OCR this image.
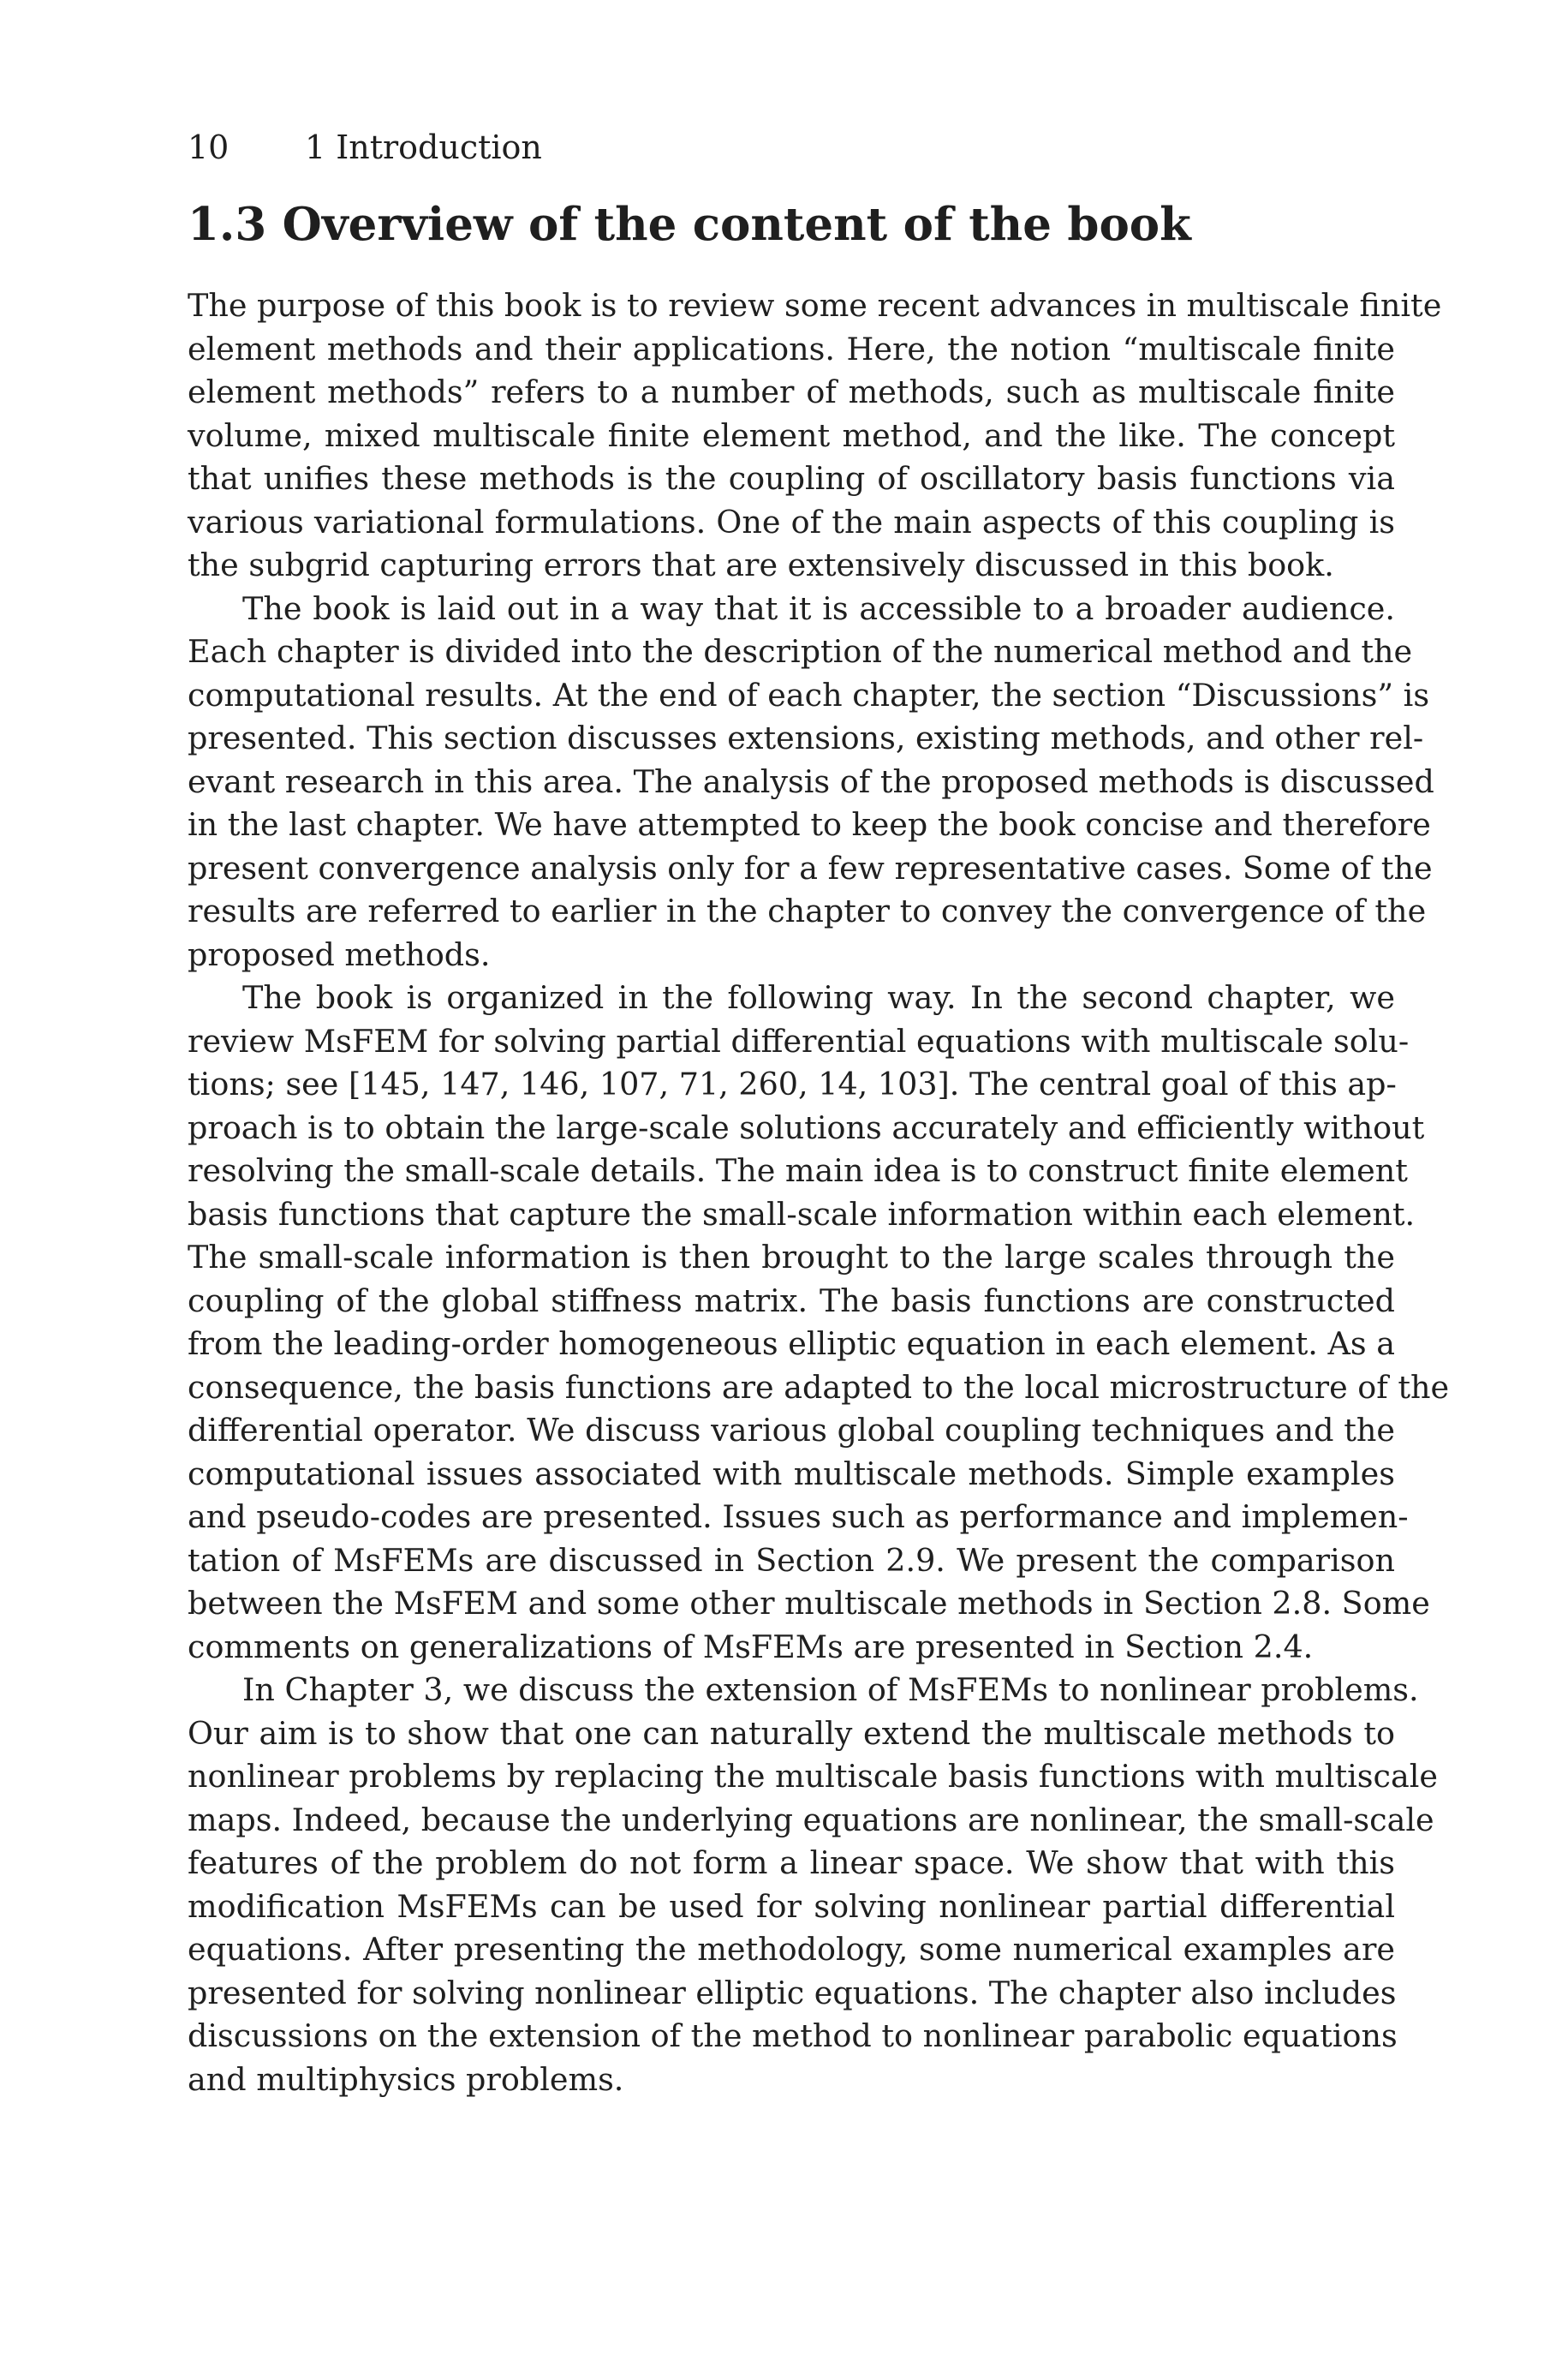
10 1 Introduction
1.3 Overview of the content of the book

The purpose of this book is to review some recent advances in multiscale finite
element methods and their applications. Here, the notion “multiscale finite
element methods” refers to a number of methods, such as multiscale finite
volume, mixed multiscale finite element method, and the like. The concept
that unifies these methods is the coupling of oscillatory basis functions via
various variational formulations. One of the main aspects of this coupling is
the subgrid capturing errors that are extensively discussed in this book.

The book is laid out in a way that it is accessible to a broader audience.
Each chapter is divided into the description of the numerical method and the
computational results. At the end of each chapter, the section “Discussions” is
presented. This section discusses extensions, existing methods, and other rel-
evant research in this area. The analysis of the proposed methods is discussed
in the last chapter. We have attempted to keep the book concise and therefore
present convergence analysis only for a few representative cases. Some of the
results are referred to earlier in the chapter to convey the convergence of the
proposed methods.

The book is organized in the following way. In the second chapter, we
review MsFEM for solving partial differential equations with multiscale solu-
tions; see [145, 147, 146, 107, 71, 260, 14, 103]. The central goal of this ap-
proach is to obtain the large-scale solutions accurately and efficiently without
resolving the small-scale details. The main idea is to construct finite element
basis functions that capture the small-scale information within each element.
The small-scale information is then brought to the large scales through the
coupling of the global stiffness matrix. The basis functions are constructed
from the leading-order homogeneous elliptic equation in each element. As a
consequence, the basis functions are adapted to the local microstructure of the
differential operator. We discuss various global coupling techniques and the
computational issues associated with multiscale methods. Simple examples
and pseudo-codes are presented. Issues such as performance and implemen-
tation of MsFEMs are discussed in Section 2.9. We present the comparison
between the MsFEM and some other multiscale methods in Section 2.8. Some
comments on generalizations of MsFEMs are presented in Section 2.4.

In Chapter 3, we discuss the extension of MsFEMs to nonlinear problems.
Our aim is to show that one can naturally extend the multiscale methods to
nonlinear problems by replacing the multiscale basis functions with multiscale
maps. Indeed, because the underlying equations are nonlinear, the small-scale
features of the problem do not form a linear space. We show that with this
modification MsFEMs can be used for solving nonlinear partial differential
equations. After presenting the methodology, some numerical examples are
presented for solving nonlinear elliptic equations. The chapter also includes
discussions on the extension of the method to nonlinear parabolic equations
and multiphysics problems.
